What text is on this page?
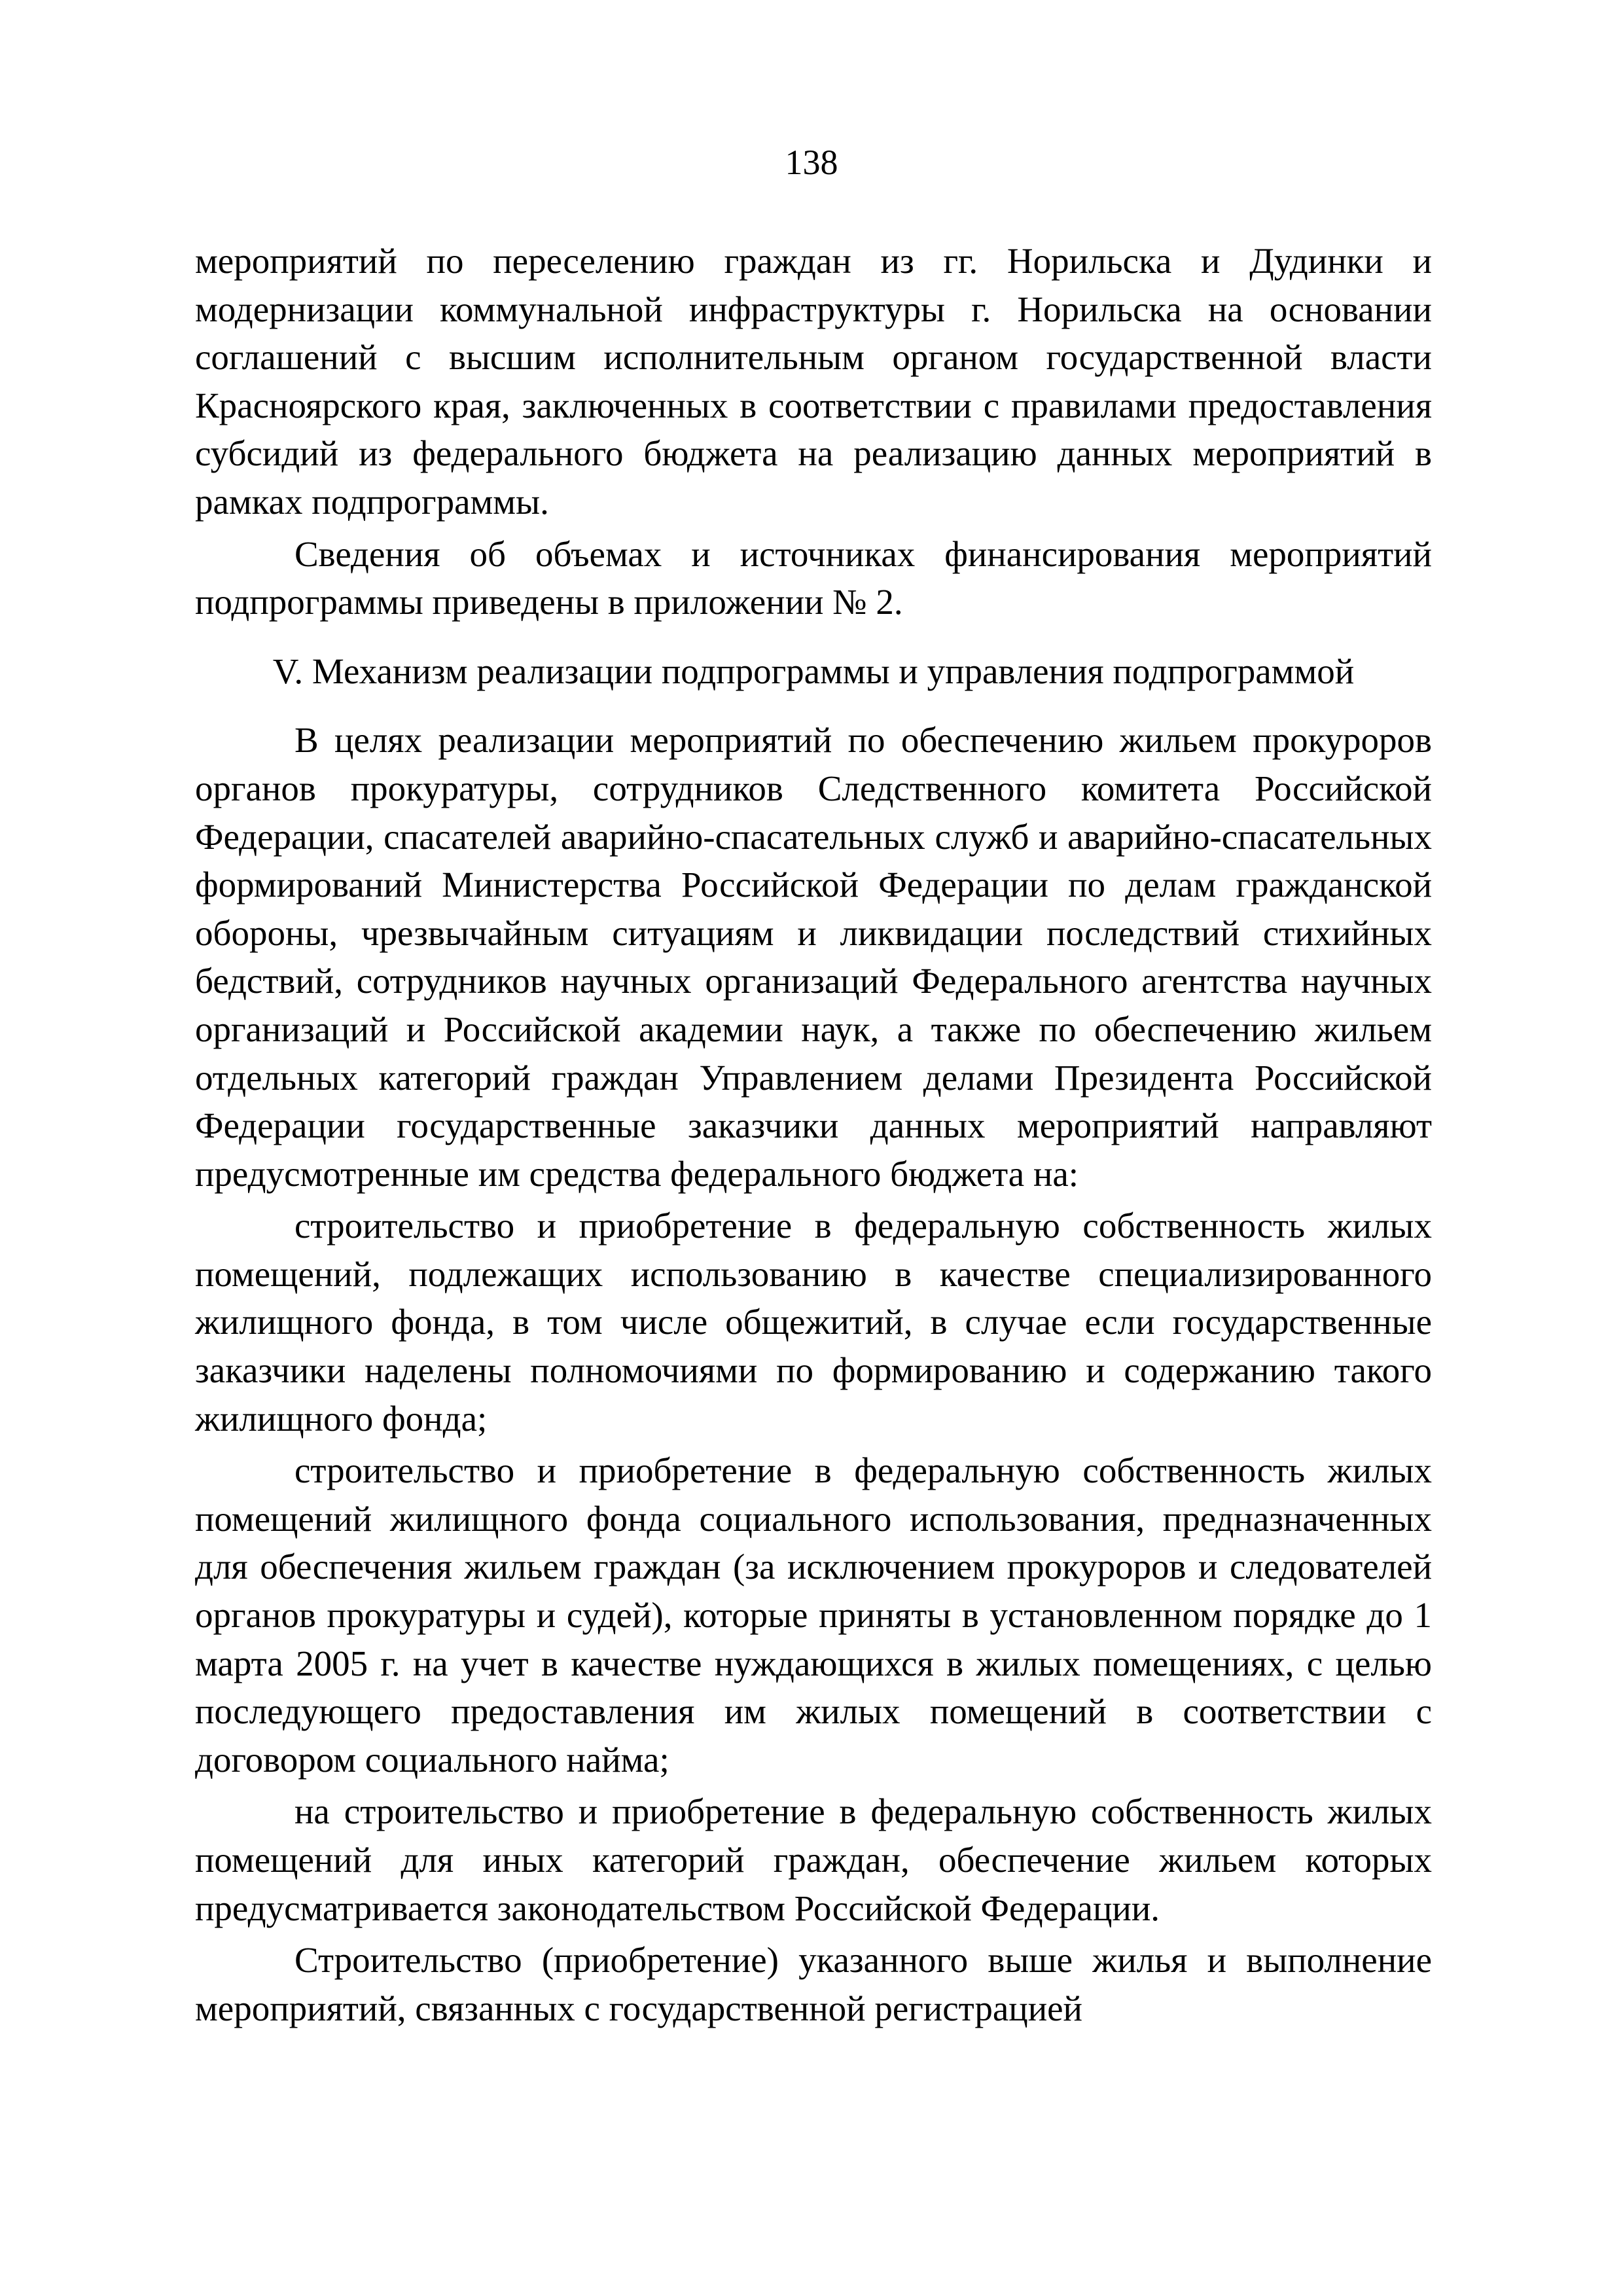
138

мероприятий по переселению граждан из гг. Норильска и Дудинки и модернизации коммунальной инфраструктуры г. Норильска на основании соглашений с высшим исполнительным органом государственной власти Красноярского края, заключенных в соответствии с правилами предоставления субсидий из федерального бюджета на реализацию данных мероприятий в рамках подпрограммы.

Сведения об объемах и источниках финансирования мероприятий подпрограммы приведены в приложении № 2.

V. Механизм реализации подпрограммы и управления подпрограммой

В целях реализации мероприятий по обеспечению жильем прокуроров органов прокуратуры, сотрудников Следственного комитета Российской Федерации, спасателей аварийно-спасательных служб и аварийно-спасательных формирований Министерства Российской Федерации по делам гражданской обороны, чрезвычайным ситуациям и ликвидации последствий стихийных бедствий, сотрудников научных организаций Федерального агентства научных организаций и Российской академии наук, а также по обеспечению жильем отдельных категорий граждан Управлением делами Президента Российской Федерации государственные заказчики данных мероприятий направляют предусмотренные им средства федерального бюджета на:

строительство и приобретение в федеральную собственность жилых помещений, подлежащих использованию в качестве специализированного жилищного фонда, в том числе общежитий, в случае если государственные заказчики наделены полномочиями по формированию и содержанию такого жилищного фонда;

строительство и приобретение в федеральную собственность жилых помещений жилищного фонда социального использования, предназначенных для обеспечения жильем граждан (за исключением прокуроров и следователей органов прокуратуры и судей), которые приняты в установленном порядке до 1 марта 2005 г. на учет в качестве нуждающихся в жилых помещениях, с целью последующего предоставления им жилых помещений в соответствии с договором социального найма;

на строительство и приобретение в федеральную собственность жилых помещений для иных категорий граждан, обеспечение жильем которых предусматривается законодательством Российской Федерации.

Строительство (приобретение) указанного выше жилья и выполнение мероприятий, связанных с государственной регистрацией
